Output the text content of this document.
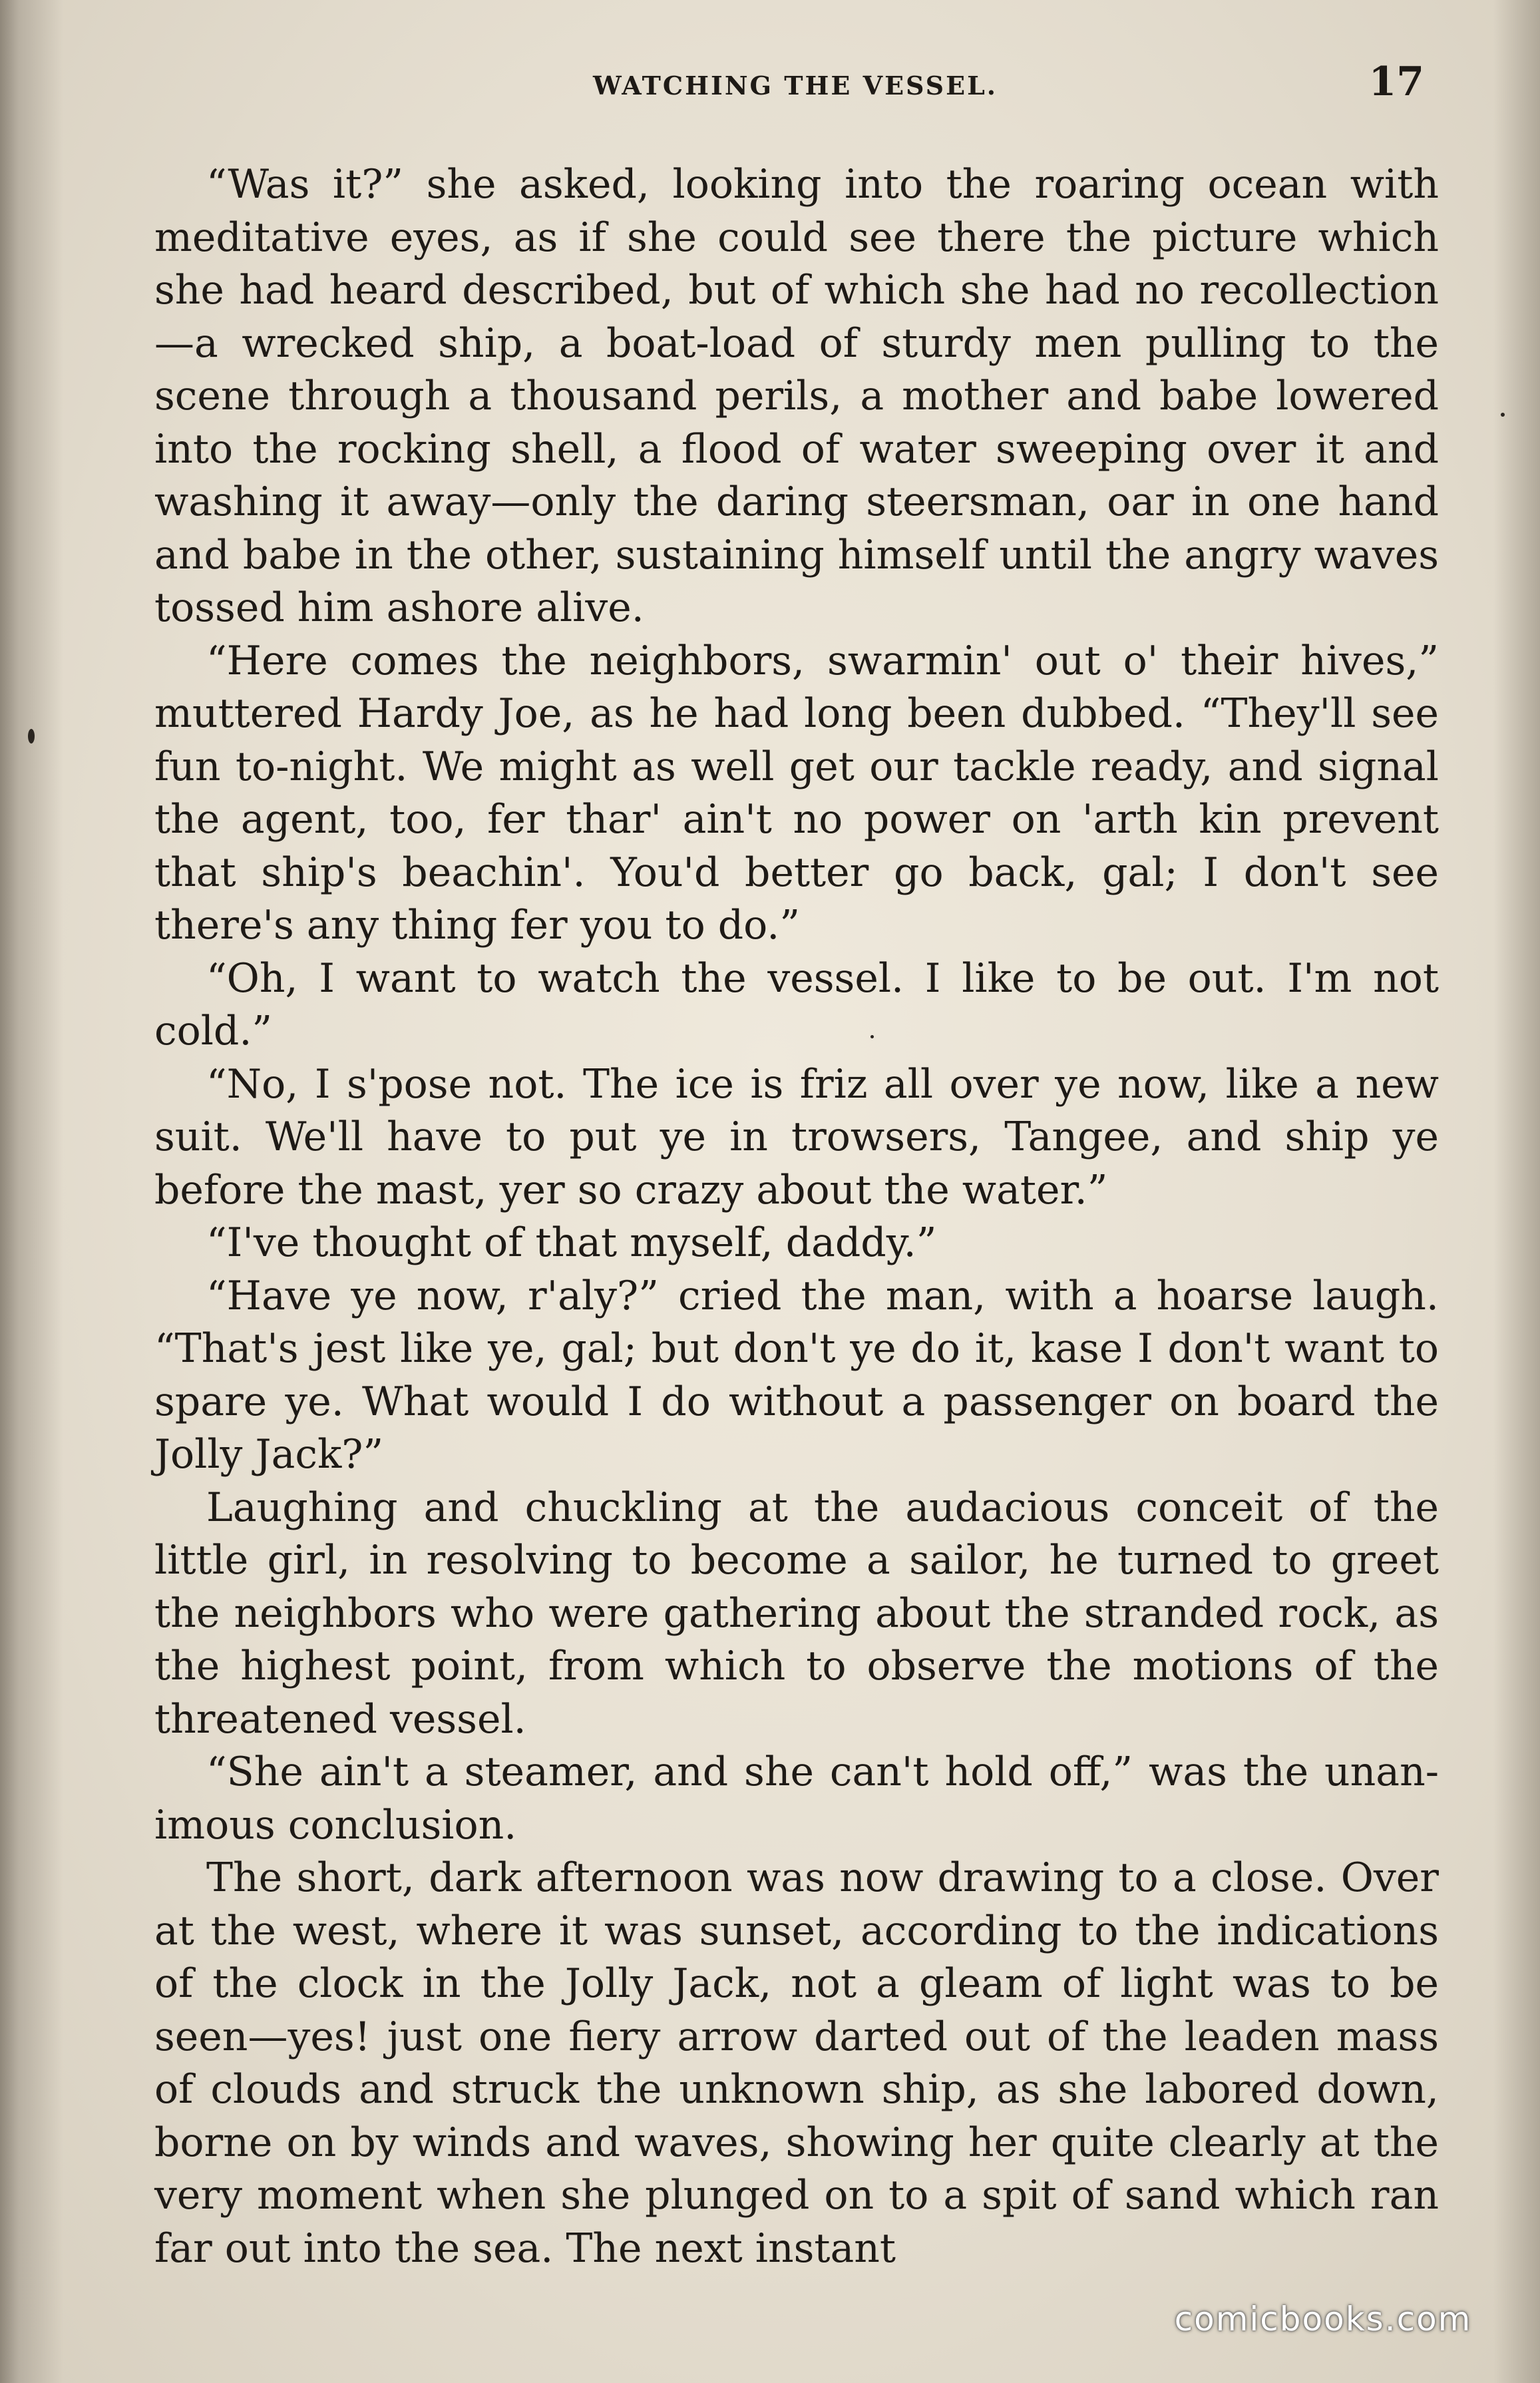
WATCHING THE VESSEL.	17

“Was it?” she asked, looking into the roaring ocean with meditative eyes, as if she could see there the picture which she had heard described, but of which she had no recollection—a wrecked ship, a boat-load of sturdy men pulling to the scene through a thousand perils, a mother and babe lowered into the rocking shell, a flood of water sweeping over it and washing it away—only the daring steersman, oar in one hand and babe in the other, sustaining himself until the angry waves tossed him ashore alive.

“Here comes the neighbors, swarmin' out o' their hives,” muttered Hardy Joe, as he had long been dubbed. “They'll see fun to-night. We might as well get our tackle ready, and signal the agent, too, fer thar' ain't no power on 'arth kin prevent that ship's beachin'. You'd better go back, gal; I don't see there's any thing fer you to do.”

“Oh, I want to watch the vessel. I like to be out. I'm not cold.”

“No, I s'pose not. The ice is friz all over ye now, like a new suit. We'll have to put ye in trowsers, Tangee, and ship ye before the mast, yer so crazy about the water.”

“I've thought of that myself, daddy.”

“Have ye now, r'aly?” cried the man, with a hoarse laugh. “That's jest like ye, gal; but don't ye do it, kase I don't want to spare ye. What would I do without a passenger on board the Jolly Jack?”

Laughing and chuckling at the audacious conceit of the little girl, in resolving to become a sailor, he turned to greet the neighbors who were gathering about the stranded rock, as the highest point, from which to observe the motions of the threatened vessel.

“She ain't a steamer, and she can't hold off,” was the unanimous conclusion.

The short, dark afternoon was now drawing to a close. Over at the west, where it was sunset, according to the indications of the clock in the Jolly Jack, not a gleam of light was to be seen—yes! just one fiery arrow darted out of the leaden mass of clouds and struck the unknown ship, as she labored down, borne on by winds and waves, showing her quite clearly at the very moment when she plunged on to a spit of sand which ran far out into the sea. The next instant

comicbooks.com
